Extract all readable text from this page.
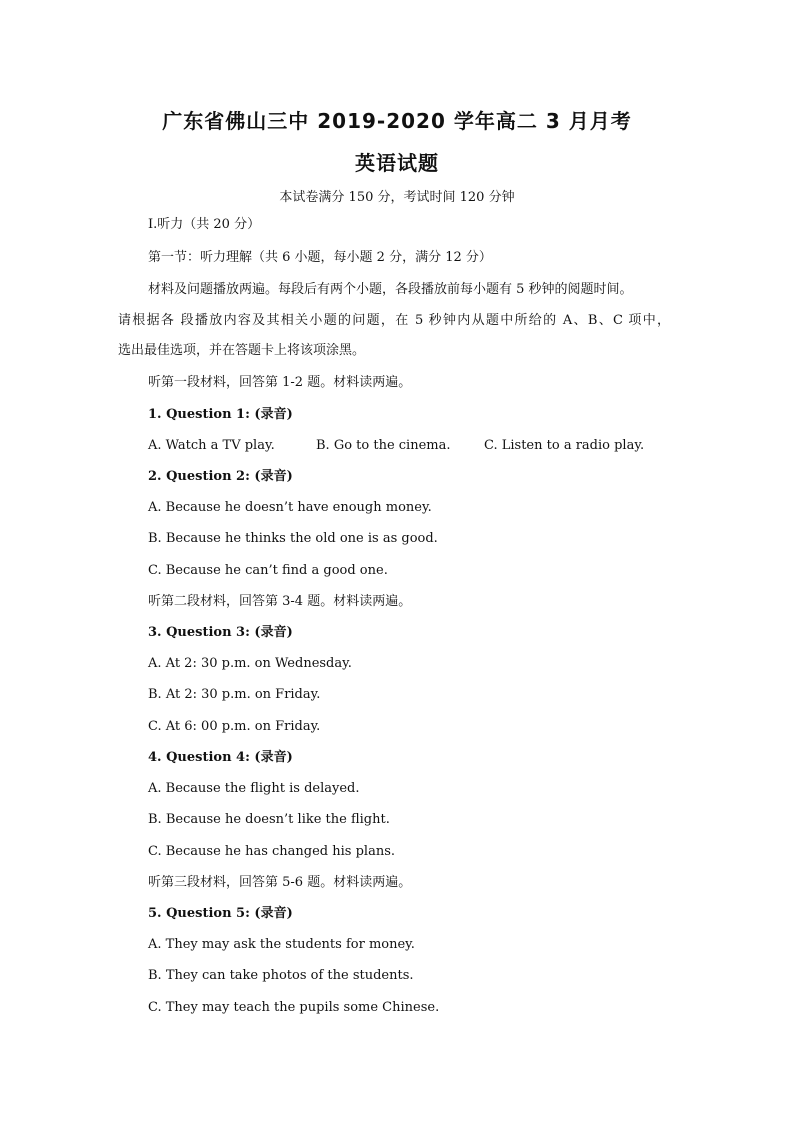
广东省佛山三中 2019-2020 学年高二 3 月月考
英语试题
本试卷满分 150 分，考试时间 120 分钟
I.听力（共 20 分）
第一节：听力理解（共 6 小题，每小题 2 分，满分 12 分）
材料及问题播放两遍。每段后有两个小题，各段播放前每小题有 5 秒钟的阅题时间。
请根据各 段播放内容及其相关小题的问题，在 5 秒钟内从题中所给的 A、B、C 项中，
选出最佳选项，并在答题卡上将该项涂黑。
听第一段材料，回答第 1-2 题。材料读两遍。
1. Question 1: (录音)
A. Watch a TV play.	B. Go to the cinema.	C. Listen to a radio play.
2. Question 2: (录音)
A. Because he doesn’t have enough money.
B. Because he thinks the old one is as good.
C. Because he can’t find a good one.
听第二段材料，回答第 3-4 题。材料读两遍。
3. Question 3: (录音)
A. At 2: 30 p.m. on Wednesday.
B. At 2: 30 p.m. on Friday.
C. At 6: 00 p.m. on Friday.
4. Question 4: (录音)
A. Because the flight is delayed.
B. Because he doesn’t like the flight.
C. Because he has changed his plans.
听第三段材料，回答第 5-6 题。材料读两遍。
5. Question 5: (录音)
A. They may ask the students for money.
B. They can take photos of the students.
C. They may teach the pupils some Chinese.
